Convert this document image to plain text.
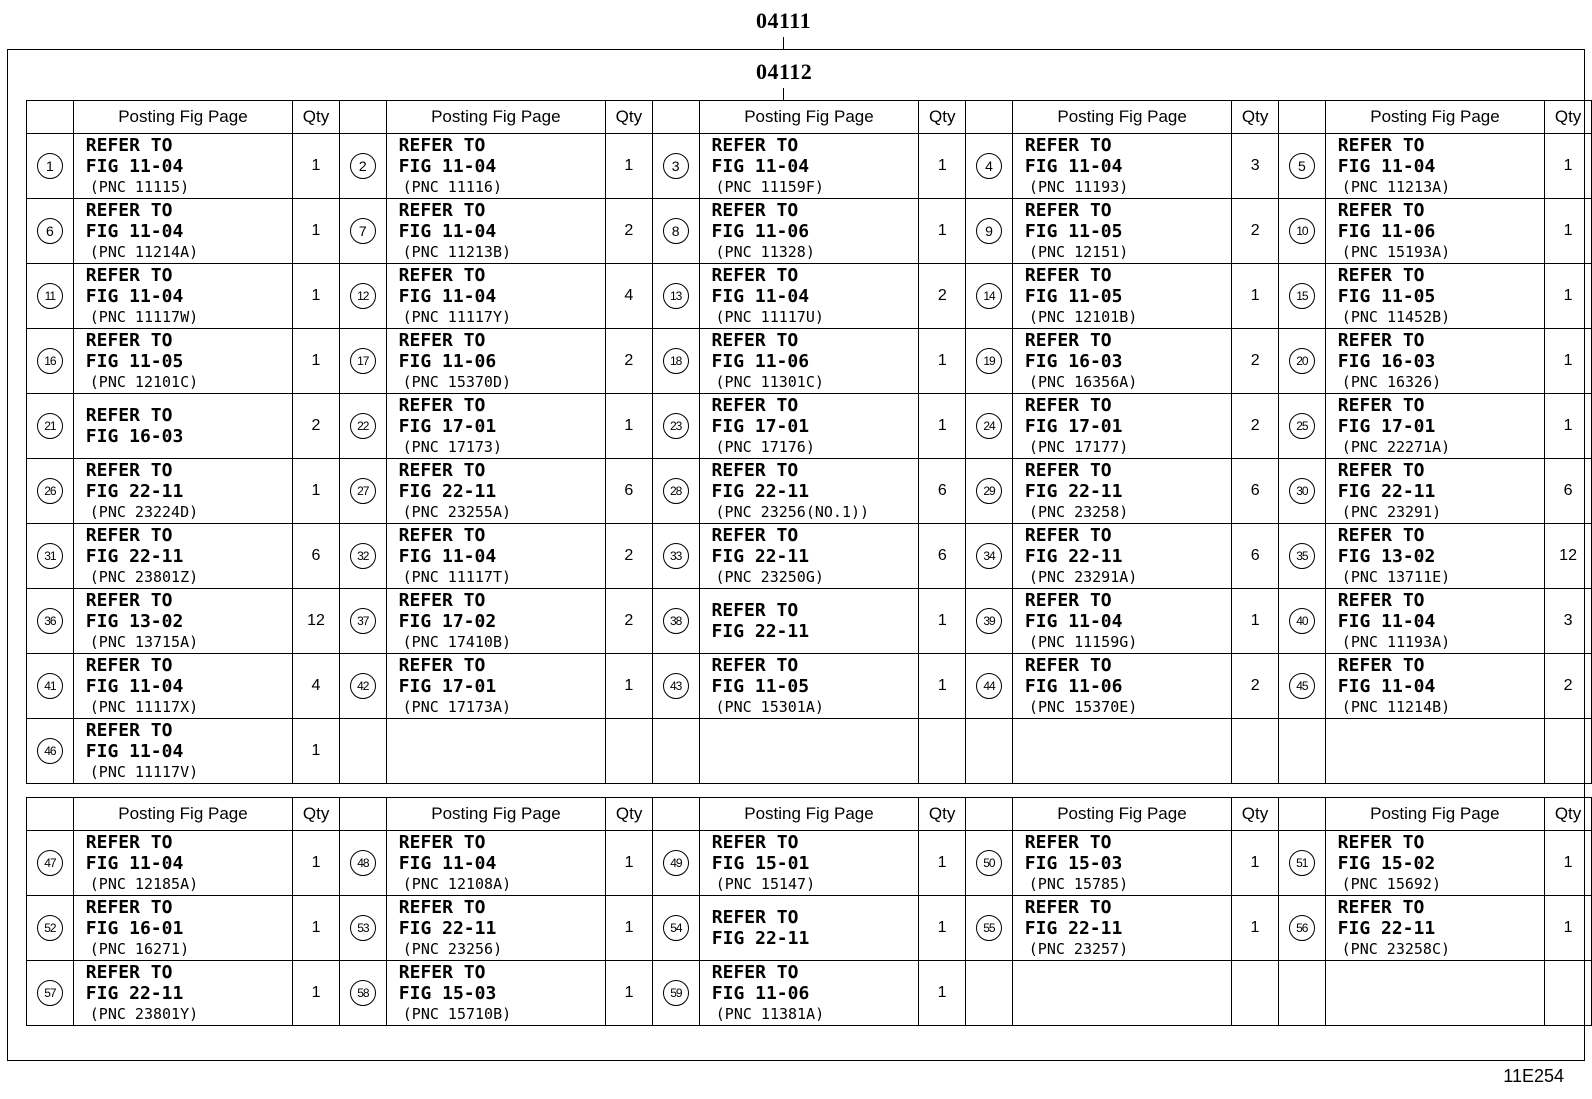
04111
04112
	Posting Fig Page	Qty		Posting Fig Page	Qty		Posting Fig Page	Qty		Posting Fig Page	Qty		Posting Fig Page	Qty
1	REFER TO
FIG 11-04
(PNC 11115)	1	2	REFER TO
FIG 11-04
(PNC 11116)	1	3	REFER TO
FIG 11-04
(PNC 11159F)	1	4	REFER TO
FIG 11-04
(PNC 11193)	3	5	REFER TO
FIG 11-04
(PNC 11213A)	1
6	REFER TO
FIG 11-04
(PNC 11214A)	1	7	REFER TO
FIG 11-04
(PNC 11213B)	2	8	REFER TO
FIG 11-06
(PNC 11328)	1	9	REFER TO
FIG 11-05
(PNC 12151)	2	10	REFER TO
FIG 11-06
(PNC 15193A)	1
11	REFER TO
FIG 11-04
(PNC 11117W)	1	12	REFER TO
FIG 11-04
(PNC 11117Y)	4	13	REFER TO
FIG 11-04
(PNC 11117U)	2	14	REFER TO
FIG 11-05
(PNC 12101B)	1	15	REFER TO
FIG 11-05
(PNC 11452B)	1
16	REFER TO
FIG 11-05
(PNC 12101C)	1	17	REFER TO
FIG 11-06
(PNC 15370D)	2	18	REFER TO
FIG 11-06
(PNC 11301C)	1	19	REFER TO
FIG 16-03
(PNC 16356A)	2	20	REFER TO
FIG 16-03
(PNC 16326)	1
21	REFER TO
FIG 16-03	2	22	REFER TO
FIG 17-01
(PNC 17173)	1	23	REFER TO
FIG 17-01
(PNC 17176)	1	24	REFER TO
FIG 17-01
(PNC 17177)	2	25	REFER TO
FIG 17-01
(PNC 22271A)	1
26	REFER TO
FIG 22-11
(PNC 23224D)	1	27	REFER TO
FIG 22-11
(PNC 23255A)	6	28	REFER TO
FIG 22-11
(PNC 23256(NO.1))	6	29	REFER TO
FIG 22-11
(PNC 23258)	6	30	REFER TO
FIG 22-11
(PNC 23291)	6
31	REFER TO
FIG 22-11
(PNC 23801Z)	6	32	REFER TO
FIG 11-04
(PNC 11117T)	2	33	REFER TO
FIG 22-11
(PNC 23250G)	6	34	REFER TO
FIG 22-11
(PNC 23291A)	6	35	REFER TO
FIG 13-02
(PNC 13711E)	12
36	REFER TO
FIG 13-02
(PNC 13715A)	12	37	REFER TO
FIG 17-02
(PNC 17410B)	2	38	REFER TO
FIG 22-11	1	39	REFER TO
FIG 11-04
(PNC 11159G)	1	40	REFER TO
FIG 11-04
(PNC 11193A)	3
41	REFER TO
FIG 11-04
(PNC 11117X)	4	42	REFER TO
FIG 17-01
(PNC 17173A)	1	43	REFER TO
FIG 11-05
(PNC 15301A)	1	44	REFER TO
FIG 11-06
(PNC 15370E)	2	45	REFER TO
FIG 11-04
(PNC 11214B)	2
46	REFER TO
FIG 11-04
(PNC 11117V)	1												
	Posting Fig Page	Qty		Posting Fig Page	Qty		Posting Fig Page	Qty		Posting Fig Page	Qty		Posting Fig Page	Qty
47	REFER TO
FIG 11-04
(PNC 12185A)	1	48	REFER TO
FIG 11-04
(PNC 12108A)	1	49	REFER TO
FIG 15-01
(PNC 15147)	1	50	REFER TO
FIG 15-03
(PNC 15785)	1	51	REFER TO
FIG 15-02
(PNC 15692)	1
52	REFER TO
FIG 16-01
(PNC 16271)	1	53	REFER TO
FIG 22-11
(PNC 23256)	1	54	REFER TO
FIG 22-11	1	55	REFER TO
FIG 22-11
(PNC 23257)	1	56	REFER TO
FIG 22-11
(PNC 23258C)	1
57	REFER TO
FIG 22-11
(PNC 23801Y)	1	58	REFER TO
FIG 15-03
(PNC 15710B)	1	59	REFER TO
FIG 11-06
(PNC 11381A)	1						
11E254
